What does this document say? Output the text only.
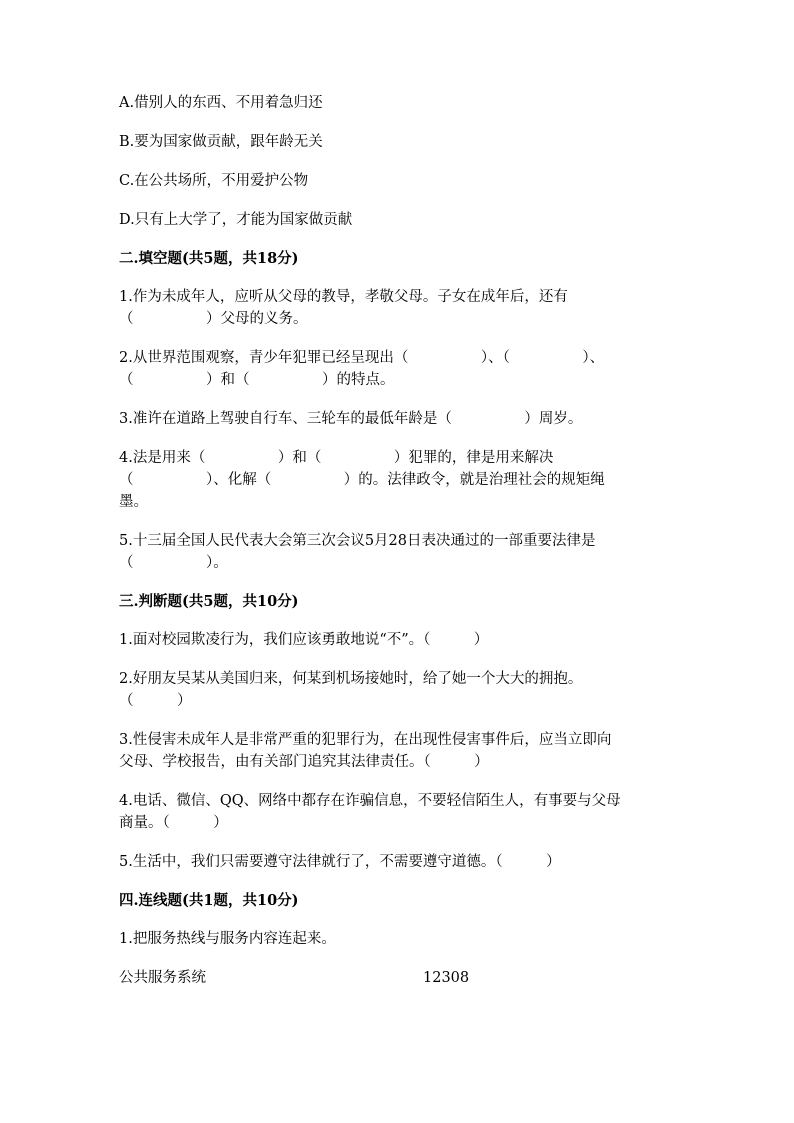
A.借别人的东西、不用着急归还
B.要为国家做贡献，跟年龄无关
C.在公共场所，不用爱护公物
D.只有上大学了，才能为国家做贡献
二.填空题(共5题，共18分)
1.作为未成年人，应听从父母的教导，孝敬父母。子女在成年后，还有
（　　　　　）父母的义务。
2.从世界范围观察，青少年犯罪已经呈现出（　　　　　）、（　　　　　）、
（　　　　　）和（　　　　　）的特点。
3.准许在道路上驾驶自行车、三轮车的最低年龄是（　　　　　）周岁。
4.法是用来（　　　　　）和（　　　　　）犯罪的，律是用来解决
（　　　　　）、化解（　　　　　）的。法律政令，就是治理社会的规矩绳
墨。
5.十三届全国人民代表大会第三次会议5月28日表决通过的一部重要法律是
（　　　　　）。
三.判断题(共5题，共10分)
1.面对校园欺凌行为，我们应该勇敢地说“不”。（　　　）
2.好朋友吴某从美国归来，何某到机场接她时，给了她一个大大的拥抱。
（　　　）
3.性侵害未成年人是非常严重的犯罪行为，在出现性侵害事件后，应当立即向
父母、学校报告，由有关部门追究其法律责任。（　　　）
4.电话、微信、QQ、网络中都存在诈骗信息，不要轻信陌生人，有事要与父母
商量。（　　　）
5.生活中，我们只需要遵守法律就行了，不需要遵守道德。（　　　）
四.连线题(共1题，共10分)
1.把服务热线与服务内容连起来。
公共服务系统	12308
